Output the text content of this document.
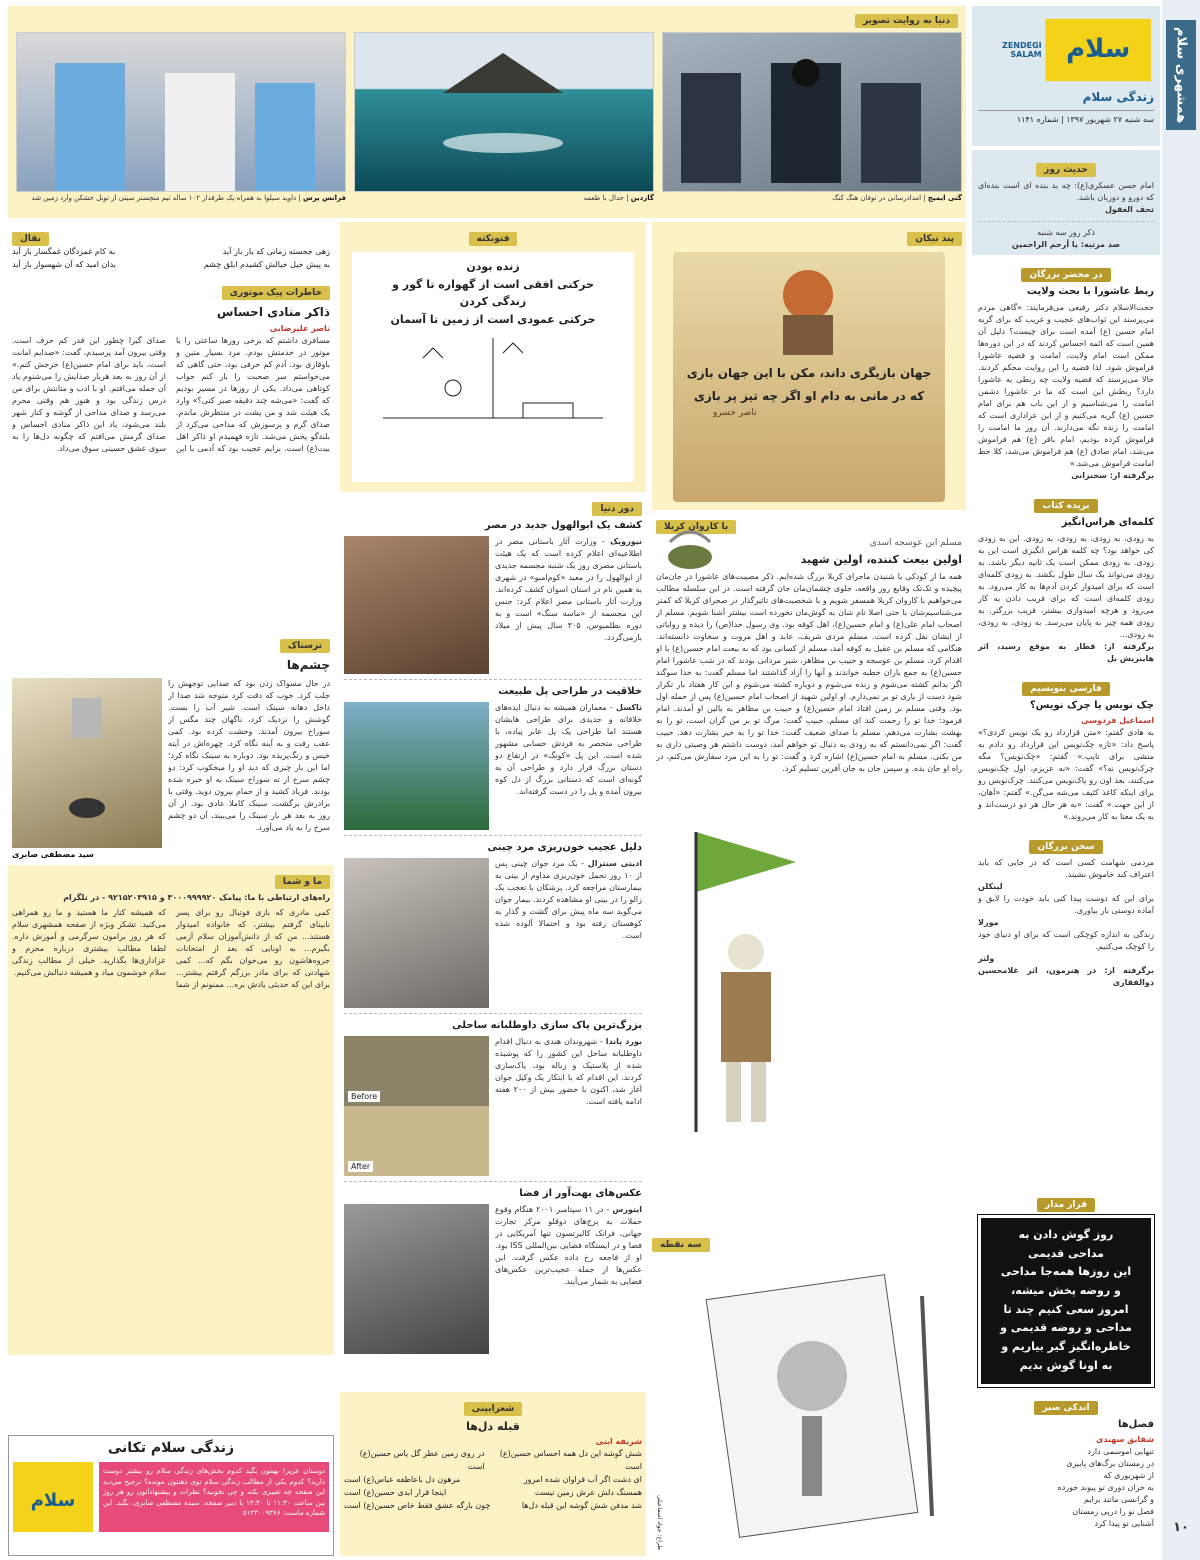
همشهری سلام
۱۰
سلام
ZENDEGI SALAM
زندگی سلام
سه شنبه ۲۷ شهریور ۱۳۹۷ | شماره ۱۱۴۱
حدیث روز

امام حسن عسکری(ع): چه بد بنده ای است بنده‌ای که دورو و دوزبان باشد.

تحف العقول

ذکر روز سه شنبه

صد مرتبه: یا أرحم الراحمین

در محضر بزرگان
ربط عاشورا با بحث ولایت

حجت‌الاسلام دکتر رفیعی می‌فرمایند: «گاهی مردم می‌پرسند این ثواب‌های عجیب و غریب که برای گریه امام حسین (ع) آمده است برای چیست؟ دلیل آن همین است که ائمه احساس کردند که در این دوره‌ها ممکن است امام ولایت، امامت و قضیه عاشورا فراموش شود. لذا قضیه را این روایت محکم کردند. حالا می‌پرسند که قضیه ولایت چه ربطی به عاشورا دارد؟ ربطش این است که ما در عاشورا دشمن امامت را می‌شناسیم و از این باب هم برای امام حسین (ع) گریه می‌کنیم و از این عزاداری است که امامت را زنده نگه می‌دارند. آن روز ما امامت را فراموش کرده بودیم، امام باقر (ع) هم فراموش می‌شد، امام صادق (ع) هم فراموش می‌شد، کلا خط امامت فراموش می‌شد.»

برگرفته از: سخنرانی

بریده کتاب
کلمه‌ای هراس‌انگیز

به زودی، به زودی، به زودی، به زودی. این به زودی کی خواهد بود؟ چه کلمه هراس انگیزی است این به زودی. به زودی ممکن است یک ثانیه دیگر باشد. به زودی می‌تواند یک سال طول بکشد. به زودی کلمه‌ای است که برای امیدوار کردن آدم‌ها به کار می‌رود. به زودی کلمه‌ای است که برای فریب دادن به کار می‌رود و هرچه امیدواری بیشتر، فریب بزرگتر. به زودی همه چیز به پایان می‌رسد. به زودی، به زودی، به زودی...

برگرفته از: قطار به موقع رسید، اثر هاینریش بل

فارسی بنویسیم
چک نویس یا چرک نویس؟
اسماعیل فردوسی

به هادی گفتم: «متن قرارداد رو یک نویس کردی؟» پاسخ داد: «تازه چک‌نویس این قرارداد رو دادم به منشی برای تایپ.» گفتم: «چک‌نویس؟ مگه چرک‌نویس نه؟» گفت: «نه عزیزم، اول چک‌نویس می‌کنند، بعد اون رو پاک‌نویس می‌کنند. چرک‌نویس رو برای اینکه کاغذ کثیف می‌شه می‌گن.» گفتم: «آهان، از این جهت.» گفت: «به هر حال هر دو درست‌اند و به یک معنا به کار می‌روند.»

سخن بزرگان

مردمی شهامت کسی است که در جایی که باید اعتراف کند خاموش نشیند.

لینکلن

برای این که دوست پیدا کنی باید خودت را لایق و آماده دوستی بار بیاوری.

مورلا

زندگی به اندازه کوچکی است که برای او دنیای خود را کوچک می‌کنیم.

ولتر

برگرفته از: در هنرمون، اثر غلامحسین ذوالفقاری

قرار مدار
روز گوش دادن به
مداحی قدیمی
این روزها همه‌جا مداحی
و روضه پخش میشه،
امروز سعی کنیم چند تا
مداحی و روضه قدیمی و
خاطره‌انگیز گیر بیاریم و
به اونا گوش بدیم
اندکی صبر
فصل‌ها
شقایق سهندی

تنهایی اموسمی دارد

در زمستان برگ‌های پاییزی

از شهریوری که

به خزان دوری تو پیوند خورده

و گرانسی مانند برایم

فصل نو را درپی زمستان

آشنایی تو پیدا کرد

دنیا به روایت تصویر
گتی ایمیج | امدادرسانی در توفان هنگ کنگ
گاردین | جدال با طعمه
فرانس پرس | داوید سیلوا به همراه یک طرفدار ۱۰۲ ساله تیم منچستر سیتی از تونل خشکن وارد زمین شد
پند نیکان
جهان بازیگری داند، مکن با این جهان بازی
که در مانی به دام او اگر چه تیز پر بازی
ناصر خسرو
با کاروان کربلا
مسلم ابن عوسجه اسدی
اولین بیعت کننده، اولین شهید

همه ما از کودکی با شنیدن ماجرای کربلا بزرگ شده‌ایم. ذکر مصیبت‌های عاشورا در جان‌مان پیچیده و تک‌تک وقایع روز واقعه، جلوی چشمان‌مان جان گرفته است. در این سلسله مطالب می‌خواهیم با کاروان کربلا همسفر شویم و با شخصیت‌های تاثیرگذار در صحرای کربلا که کمتر می‌شناسیم‌شان با حتی اصلا نام شان به گوش‌مان نخورده است بیشتر آشنا شویم. مسلم از اصحاب امام علی(ع) و امام حسین(ع)، اهل کوفه بود. وی رسول خدا(ص) را دیده و روایاتی از ایشان نقل کرده است. مسلم مردی شریف، عابد و اهل مروت و سخاوت دانسته‌اند. هنگامی که مسلم بن عقیل به کوفه آمد، مسلم از کسانی بود که به بیعت امام حسین(ع) با او اقدام کرد. مسلم بن عوسجه و حبیب بن مظاهر، شیر مردانی بودند که در شب عاشورا امام حسین(ع) به جمع یاران خطبه خواندند و آنها را آزاد گذاشتند اما مسلم گفت: به خدا سوگند اگر بدانم کشته می‌شوم و زنده می‌شوم و دوباره کشته می‌شوم و این کار هفتاد بار تکرار شود دست از یاری تو بر نمی‌دارم. او اولین شهید از اصحاب امام حسین(ع) پس از حمله اول بود. وقتی مسلم بر زمین افتاد امام حسین(ع) و حبیب بن مظاهر به بالین او آمدند. امام فرمود: خدا تو را رحمت کند ای مسلم. حبیب گفت: مرگ تو بر من گران است، تو را به بهشت بشارت می‌دهم. مسلم با صدای ضعیف گفت: خدا تو را به خیر بشارت دهد. حبیب گفت: اگر نمی‌دانستم که به زودی به دنبال تو خواهم آمد، دوست داشتم هر وصیتی داری به من بکنی. مسلم به امام حسین(ع) اشاره کرد و گفت: تو را به این مرد سفارش می‌کنم، در راه او جان بده. و سپس جان به جان آفرین تسلیم کرد.

سه نقطه
طراح: جواد اسماعیلی
فتونکته
زنده بودن
حرکتی افقی است از گهواره تا گور و
زندگی کردن
حرکتی عمودی است از زمین تا آسمان
دور دنیا
کشف یک ابوالهول جدید در مصر

نیوزویک - وزارت آثار باستانی مصر در اطلاعیه‌ای اعلام کرده است که یک هیئت باستانی مصری روز یک شنبه مجسمه جدیدی از ابوالهول را در معبد «کوم‌امبو» در شهری به همین نام در استان اسوان کشف کرده‌اند. وزارت آثار باستانی مصر اعلام کرد: جنس این مجسمه از «ماسه سنگ» است و به دوره بطلمیوس، ۳۰۵ سال پیش از میلاد بازمی‌گردد.

خلاقیت در طراحی پل طبیعت

تاکسل - معماران همیشه به دنبال ایده‌های خلاقانه و جدیدی برای طراحی هایشان هستند اما طراحی یک پل عابر پیاده، با طراحی متحصر به فردش حسابی مشهور شده است. این پل «کونگ» در ارتفاع دو دستان بزرگ قرار دارد و طراحی آن به گونه‌ای است که دستانی بزرگ از دل کوه بیرون آمده و پل را در دست گرفته‌اند.

دلیل عجیب خون‌ریزی مرد چینی

ادیتی سنترال - یک مرد جوان چینی پس از ۱۰ روز تحمل خون‌ریزی مداوم از بینی به بیمارستان مراجعه کرد. پزشکان با تعجب یک زالو را در بینی او مشاهده کردند. بیمار جوان می‌گوید سه ماه پیش برای گشت و گذار به کوهستان رفته بود و احتمالا آلوده شده است.

بزرگ‌ترین پاک سازی داوطلبانه ساحلی

بورد پاندا - شهروندان هندی به دنبال اقدام داوطلبانه ساحل این کشور را که پوشیده شده از پلاستیک و زباله بود، پاک‌سازی کردند. این اقدام که با ابتکار یک وکیل جوان آغاز شد، اکنون با حضور بیش از ۲۰۰ هفته ادامه یافته است.

Before
After
عکس‌های بهت‌آور از فضا

اینورس - در ۱۱ سپتامبر ۲۰۰۱ هنگام وقوع حملات به برج‌های دوقلو مرکز تجارت جهانی، فرانک کالبرتسون تنها آمریکایی در فضا و در ایستگاه فضایی بین‌المللی ISS بود. او از فاجعه رخ داده عکس گرفت. این عکس‌ها از جمله عجیب‌ترین عکس‌های فضایی به شمار می‌آیند.

شعرابینی
قبله دل‌ها
شریفه ابنی
شش گوشه این دل همه احساس حسین(ع) است
در روی زمین عطر گل یاس حسین(ع) است
ای دشت اگر آب فراوان شده امروز
مرهون دل باعاطفه عباس(ع) است
همسنگ دلش عرش زمین نیست
اینجا قرار ابدی حسین(ع) است
شد مدفن شش گوشه این قبله دل‌ها
چون بارگه عشق فقط خاص حسین(ع) است
نقال
زهی خجسته زمانی که یار باز آید
به کام غمزدگان غمگسار باز آید
به پیش خیل خیالش کشیدم ابلق چشم
بدان امید که آن شهسوار باز آید
خاطرات پیک موتوری
ذاکر منادی احساس
ناصر علیرضایی

مسافری داشتم که برخی روزها ساعتی را با موتور در خدمتش بودم. مرد بسیار متین و باوقاری بود. آدم کم حرفی بود، حتی گاهی که می‌خواستم سر صحبت را باز کنم جواب کوتاهی می‌داد. یکی از روزها در مسیر بودیم که گفت: «می‌شه چند دقیقه صبر کنی؟» وارد یک هیئت شد و من پشت در منتظرش ماندم. صدای گرم و پرسوزش که مداحی می‌کرد از بلندگو پخش می‌شد. تازه فهمیدم او ذاکر اهل بیت(ع) است. برایم عجیب بود که آدمی با این صدای گیرا چطور این قدر کم حرف است. وقتی بیرون آمد پرسیدم، گفت: «صدایم امانت است، باید برای امام حسین(ع) خرجش کنم.» از آن روز به بعد هربار صدایش را می‌شنوم یاد آن جمله می‌افتم. او با ادب و متانتش برای من درس زندگی بود و هنوز هم وقتی محرم می‌رسد و صدای مداحی از گوشه و کنار شهر بلند می‌شود، یاد این ذاکر منادی احساس و صدای گرمش می‌افتم که چگونه دل‌ها را به سوی عشق حسینی سوق می‌داد.

ترسناک
چشم‌ها

در حال مسواک زدن بود که صدایی توجهش را جلب کرد. خوب که دقت کرد متوجه شد صدا از داخل دهانه سینک است. شیر آب را بست. گوشش را نزدیک کرد، ناگهان چند مگس از سوراخ بیرون آمدند. وحشت کرده بود. کمی عقب رفت و به آینه نگاه کرد. چهره‌اش در آینه خیس و رنگ‌پریده بود. دوباره به سینک نگاه کرد؛ اما این بار چیزی که دید او را میخکوب کرد: دو چشم سرخ از ته سوراخ سینک به او خیره شده بودند. فریاد کشید و از حمام بیرون دوید. وقتی با برادرش برگشت، سینک کاملا عادی بود. از آن روز به بعد هر بار سینک را می‌بیند، آن دو چشم سرخ را به یاد می‌آورد.

سید مصطفی صابری
ما و شما

راه‌های ارتباطی با ما: پیامک ۳۰۰۰۹۹۹۹۲۰ و ۹۲۱۵۲۰۳۹۱۵ - در تلگرام

کمی مادری که بازی فوتبال رو برای پسر نابینای گرفتم بیشتر، که خانواده امیدوار هستند... من که از دانش‌آموزان سلام آزمی بگیرم... به اونایی که بعد از امتحانات جزوه‌هاشون رو می‌خوان بگم که... کمی شهادتی که برای مادر بزرگم گرفتم بیشتر... برای این که حدیثی یادش بره... ممنونم از شما که همیشه کنار ما هستید و ما رو همراهی می‌کنید. تشکر ویژه از صفحه همشهری سلام که هر روز برامون سرگرمی و آموزش داره. لطفا مطالب بیشتری درباره محرم و عزاداری‌ها بگذارید. خیلی از مطالب زندگی سلام خوشمون میاد و همیشه دنبالش می‌کنیم.

زندگی سلام تکانی

دوستان عزیز! بهمون بگید کدوم بخش‌های زندگی سلام رو بیشتر دوست دارید؟ کدوم یکی از مطالب زندگی سلام توی ذهنتون مونده؟ ترجیح می‌دید این صفحه چه تغییری بکنه و چی نخونید؟ نظرات و پیشنهاداتون رو هر روز بین ساعت ۱۱:۳۰ تا ۱۲:۳۰ با دبیر صفحه: سیده مصطفی صابری، بگید. این شماره ماست: ۵۱۲۳۰۰۹۳۶۶

سلام
